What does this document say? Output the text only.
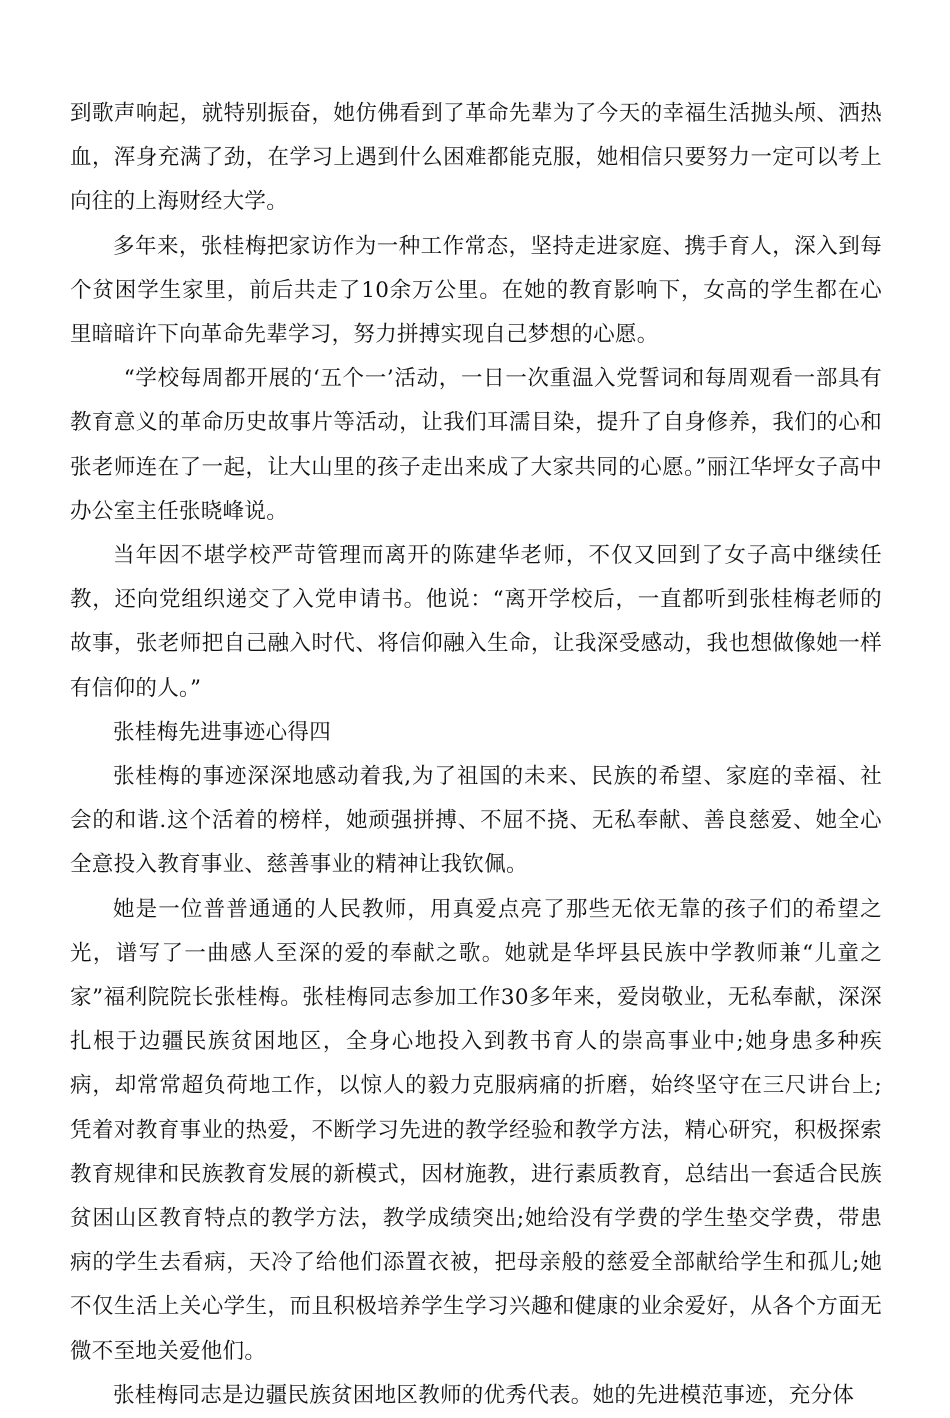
到歌声响起，就特别振奋，她仿佛看到了革命先辈为了今天的幸福生活抛头颅、洒热血，浑身充满了劲，在学习上遇到什么困难都能克服，她相信只要努力一定可以考上向往的上海财经大学。

多年来，张桂梅把家访作为一种工作常态，坚持走进家庭、携手育人，深入到每个贫困学生家里，前后共走了10余万公里。在她的教育影响下，女高的学生都在心里暗暗许下向革命先辈学习，努力拼搏实现自己梦想的心愿。

“学校每周都开展的‘五个一’活动，一日一次重温入党誓词和每周观看一部具有教育意义的革命历史故事片等活动，让我们耳濡目染，提升了自身修养，我们的心和张老师连在了一起，让大山里的孩子走出来成了大家共同的心愿。”丽江华坪女子高中办公室主任张晓峰说。

当年因不堪学校严苛管理而离开的陈建华老师，不仅又回到了女子高中继续任教，还向党组织递交了入党申请书。他说：“离开学校后，一直都听到张桂梅老师的故事，张老师把自己融入时代、将信仰融入生命，让我深受感动，我也想做像她一样有信仰的人。”

张桂梅先进事迹心得四

张桂梅的事迹深深地感动着我,为了祖国的未来、民族的希望、家庭的幸福、社会的和谐.这个活着的榜样，她顽强拼搏、不屈不挠、无私奉献、善良慈爱、她全心全意投入教育事业、慈善事业的精神让我钦佩。

她是一位普普通通的人民教师，用真爱点亮了那些无依无靠的孩子们的希望之光，谱写了一曲感人至深的爱的奉献之歌。她就是华坪县民族中学教师兼“儿童之家”福利院院长张桂梅。张桂梅同志参加工作30多年来，爱岗敬业，无私奉献，深深扎根于边疆民族贫困地区，全身心地投入到教书育人的崇高事业中;她身患多种疾病，却常常超负荷地工作，以惊人的毅力克服病痛的折磨，始终坚守在三尺讲台上;凭着对教育事业的热爱，不断学习先进的教学经验和教学方法，精心研究，积极探索教育规律和民族教育发展的新模式，因材施教，进行素质教育，总结出一套适合民族贫困山区教育特点的教学方法，教学成绩突出;她给没有学费的学生垫交学费，带患病的学生去看病，天冷了给他们添置衣被，把母亲般的慈爱全部献给学生和孤儿;她不仅生活上关心学生，而且积极培养学生学习兴趣和健康的业余爱好，从各个方面无微不至地关爱他们。

张桂梅同志是边疆民族贫困地区教师的优秀代表。她的先进模范事迹，充分体
